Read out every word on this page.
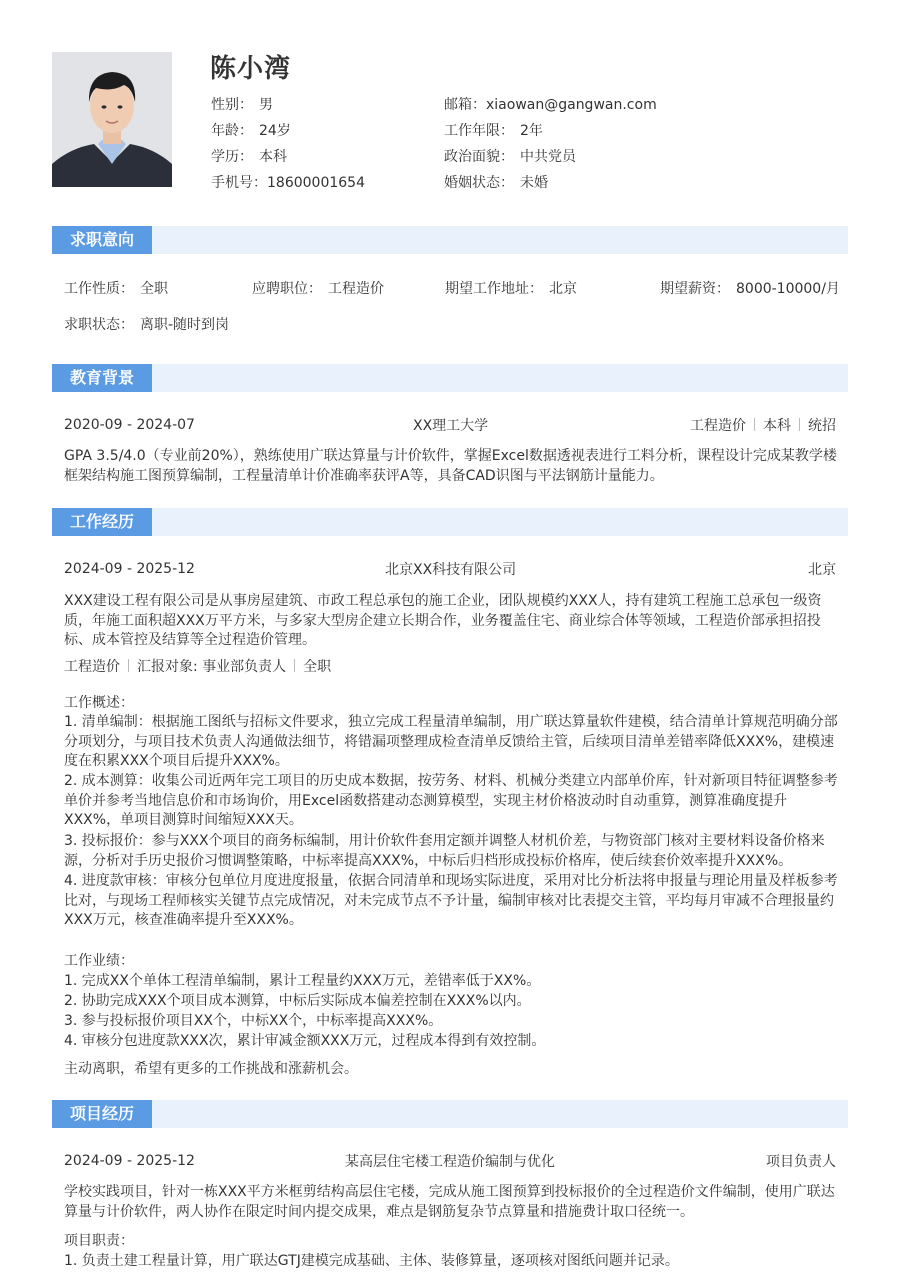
陈小湾
性别： 男
年龄： 24岁
学历： 本科
手机号：18600001654
邮箱：xiaowan@gangwan.com
工作年限： 2年
政治面貌： 中共党员
婚姻状态： 未婚
求职意向
工作性质： 全职	应聘职位： 工程造价	期望工作地址： 北京	期望薪资： 8000-10000/月
求职状态： 离职-随时到岗
教育背景
2020-09 - 2024-07	XX理工大学	工程造价 本科 统招
GPA 3.5/4.0（专业前20%），熟练使用广联达算量与计价软件，掌握Excel数据透视表进行工料分析，课程设计完成某教学楼框架结构施工图预算编制，工程量清单计价准确率获评A等，具备CAD识图与平法钢筋计量能力。
工作经历
2024-09 - 2025-12	北京XX科技有限公司	北京
XXX建设工程有限公司是从事房屋建筑、市政工程总承包的施工企业，团队规模约XXX人，持有建筑工程施工总承包一级资质，年施工面积超XXX万平方米，与多家大型房企建立长期合作，业务覆盖住宅、商业综合体等领域，工程造价部承担招投标、成本管控及结算等全过程造价管理。
工程造价 汇报对象: 事业部负责人 全职
工作概述：
1. 清单编制：根据施工图纸与招标文件要求，独立完成工程量清单编制，用广联达算量软件建模，结合清单计算规范明确分部分项划分，与项目技术负责人沟通做法细节，将错漏项整理成检查清单反馈给主管，后续项目清单差错率降低XXX%，建模速度在积累XXX个项目后提升XXX%。
2. 成本测算：收集公司近两年完工项目的历史成本数据，按劳务、材料、机械分类建立内部单价库，针对新项目特征调整参考单价并参考当地信息价和市场询价，用Excel函数搭建动态测算模型，实现主材价格波动时自动重算，测算准确度提升XXX%，单项目测算时间缩短XXX天。
3. 投标报价：参与XXX个项目的商务标编制，用计价软件套用定额并调整人材机价差，与物资部门核对主要材料设备价格来源，分析对手历史报价习惯调整策略，中标率提高XXX%，中标后归档形成投标价格库，使后续套价效率提升XXX%。
4. 进度款审核：审核分包单位月度进度报量，依据合同清单和现场实际进度，采用对比分析法将申报量与理论用量及样板参考比对，与现场工程师核实关键节点完成情况，对未完成节点不予计量，编制审核对比表提交主管，平均每月审减不合理报量约XXX万元，核查准确率提升至XXX%。
工作业绩：
1. 完成XX个单体工程清单编制，累计工程量约XXX万元，差错率低于XX%。
2. 协助完成XXX个项目成本测算，中标后实际成本偏差控制在XXX%以内。
3. 参与投标报价项目XX个，中标XX个，中标率提高XXX%。
4. 审核分包进度款XXX次，累计审减金额XXX万元，过程成本得到有效控制。
主动离职，希望有更多的工作挑战和涨薪机会。
项目经历
2024-09 - 2025-12	某高层住宅楼工程造价编制与优化	项目负责人
学校实践项目，针对一栋XXX平方米框剪结构高层住宅楼，完成从施工图预算到投标报价的全过程造价文件编制，使用广联达算量与计价软件，两人协作在限定时间内提交成果，难点是钢筋复杂节点算量和措施费计取口径统一。
项目职责：
1. 负责土建工程量计算，用广联达GTJ建模完成基础、主体、装修算量，逐项核对图纸问题并记录。
